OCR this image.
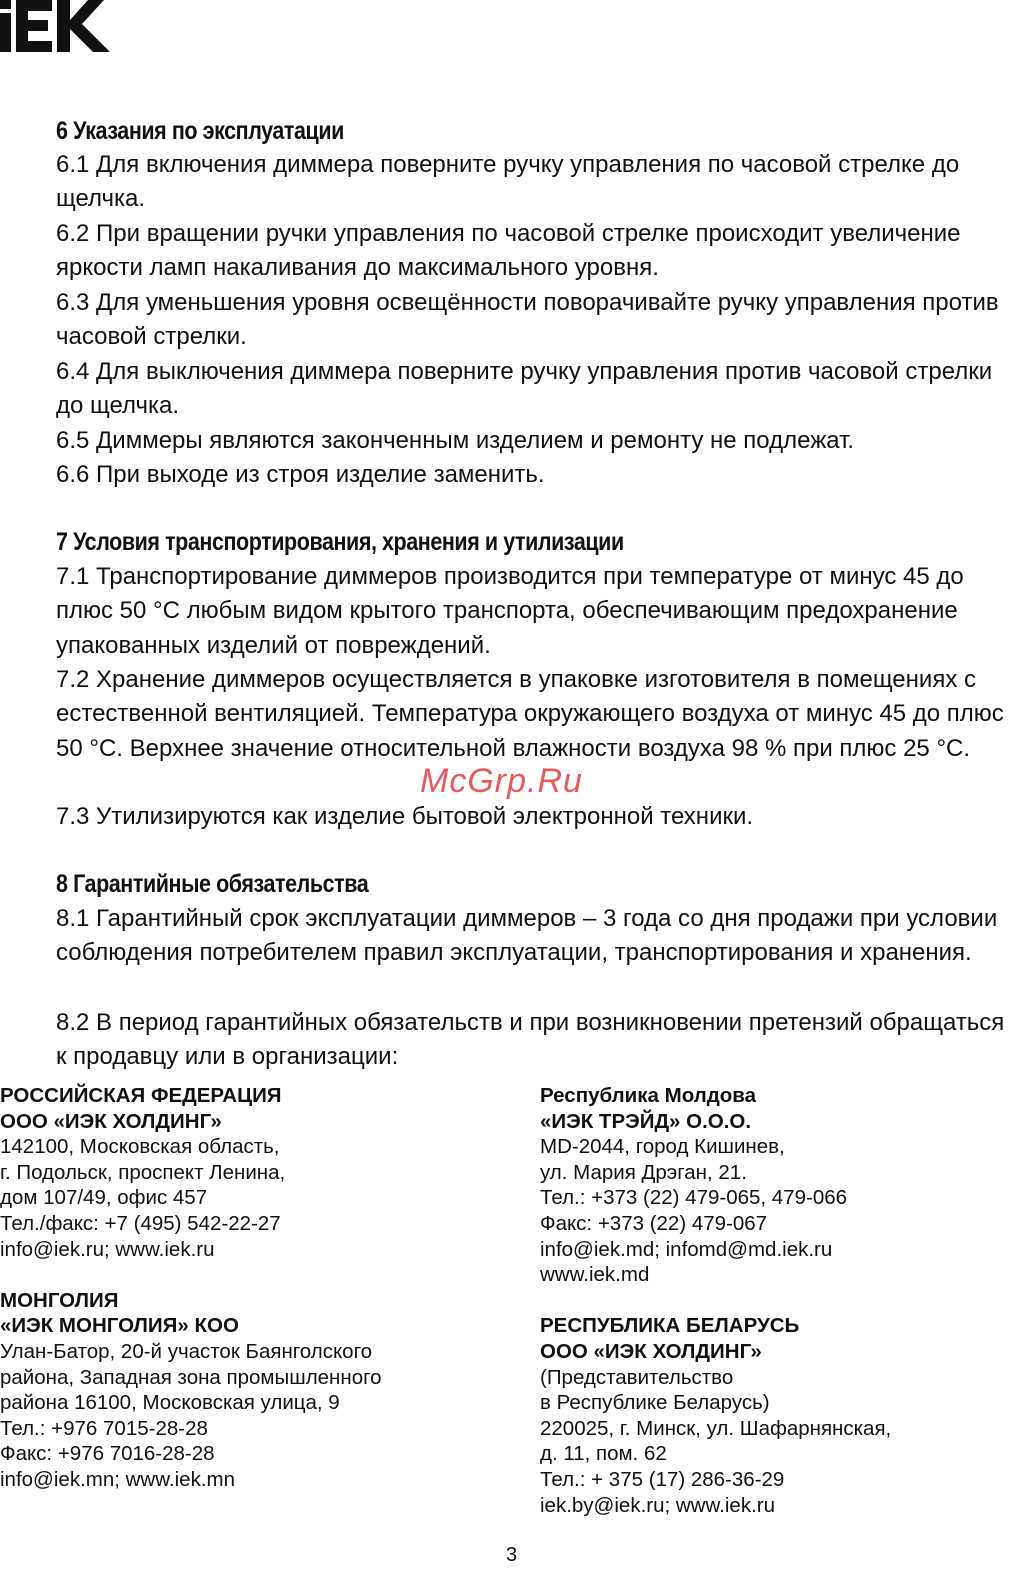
6 Указания по эксплуатации

6.1 Для включения диммера поверните ручку управления по часовой стрелке до щелчка.

6.2 При вращении ручки управления по часовой стрелке происходит увеличение яркости ламп накаливания до максимального уровня.

6.3 Для уменьшения уровня освещённости поворачивайте ручку управления против часовой стрелки.

6.4 Для выключения диммера поверните ручку управления против часовой стрелки до щелчка.

6.5 Диммеры являются законченным изделием и ремонту не подлежат.

6.6 При выходе из строя изделие заменить.

7 Условия транспортирования, хранения и утилизации

7.1 Транспортирование диммеров производится при температуре от минус 45 до плюс 50 °С любым видом крытого транспорта, обеспечивающим предохранение упакованных изделий от повреждений.

7.2 Хранение диммеров осуществляется в упаковке изготовителя в помещениях с естественной вентиляцией. Температура окружающего воздуха от минус 45 до плюс 50 °С. Верхнее значение относительной влажности воздуха 98 % при плюс 25 °С.

7.3 Утилизируются как изделие бытовой электронной техники.

8 Гарантийные обязательства

8.1 Гарантийный срок эксплуатации диммеров – 3 года со дня продажи при условии соблюдения потребителем правил эксплуатации, транспортирования и хранения.

8.2 В период гарантийных обязательств и при возникновении претензий обращаться к продавцу или в организации:

РОССИЙСКАЯ ФЕДЕРАЦИЯ
ООО «ИЭК ХОЛДИНГ»
142100, Московская область,
г. Подольск, проспект Ленина,
дом 107/49, офис 457
Тел./факс: +7 (495) 542-22-27
info@iek.ru; www.iek.ru
МОНГОЛИЯ
«ИЭК МОНГОЛИЯ» КОО
Улан-Батор, 20-й участок Баянголского
района, Западная зона промышленного
района 16100, Московская улица, 9
Тел.: +976 7015-28-28
Факс: +976 7016-28-28
info@iek.mn; www.iek.mn
Республика Молдова
«ИЭК ТРЭЙД» О.О.О.
MD-2044, город Кишинев,
ул. Мария Дрэган, 21.
Тел.: +373 (22) 479-065, 479-066
Факс: +373 (22) 479-067
info@iek.md; infomd@md.iek.ru
www.iek.md
РЕСПУБЛИКА БЕЛАРУСЬ
ООО «ИЭК ХОЛДИНГ»
(Представительство
в Республике Беларусь)
220025, г. Минск, ул. Шафарнянская,
д. 11, пом. 62
Тел.: + 375 (17) 286-36-29
iek.by@iek.ru; www.iek.ru
McGrp.Ru
3
